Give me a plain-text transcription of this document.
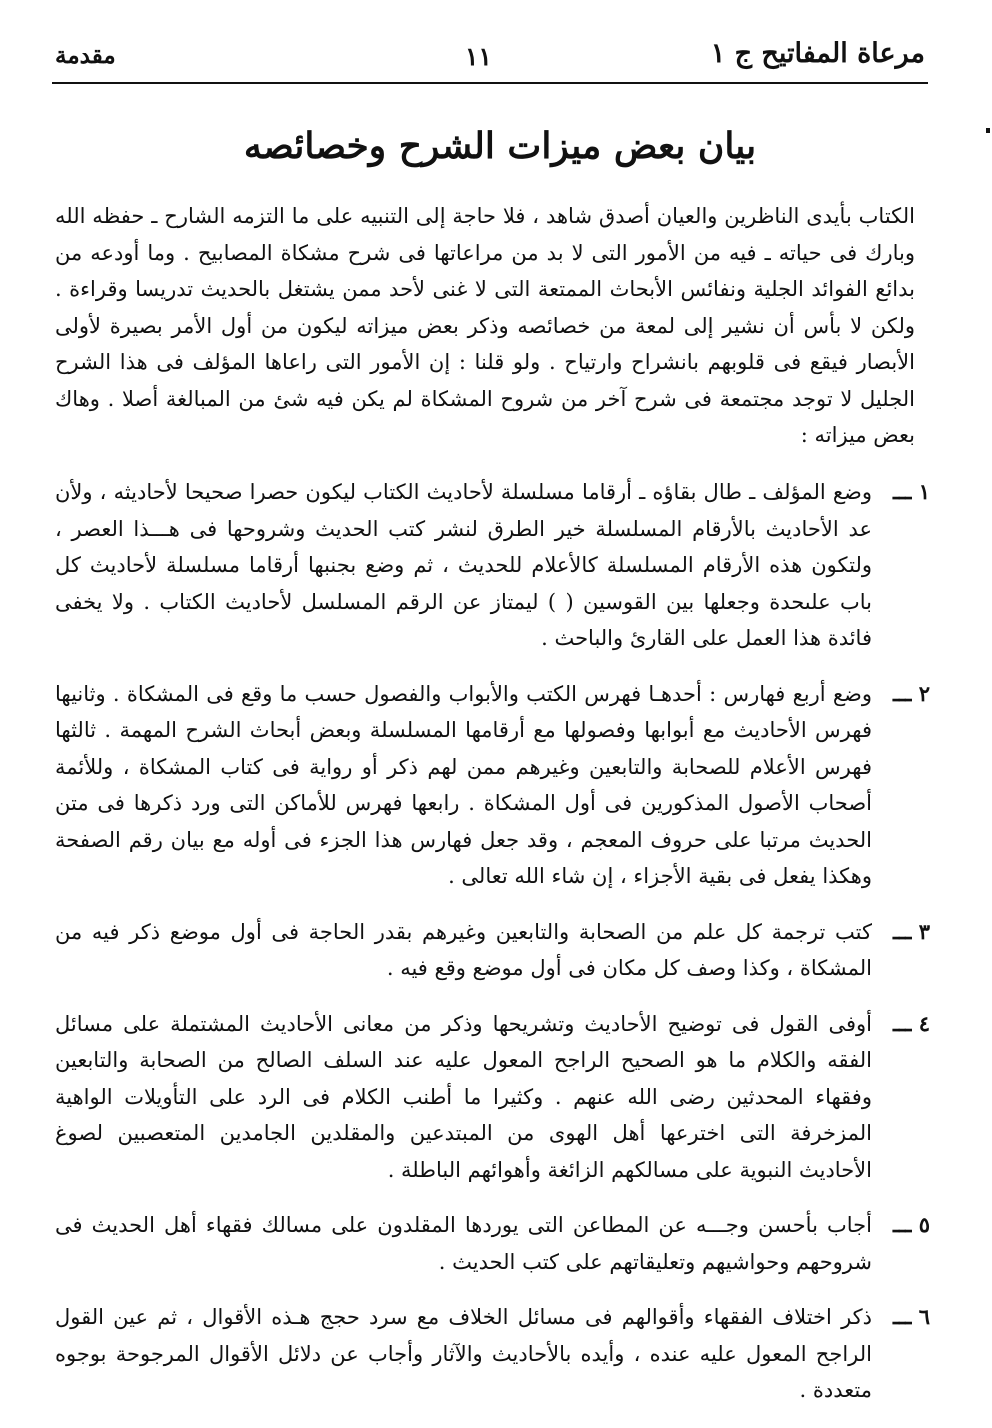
مرعاة المفاتيح ج ١
١١
مقدمة
بيان بعض ميزات الشرح وخصائصه
الكتاب بأيدى الناظرين والعيان أصدق شاهد ، فلا حاجة إلى التنبيه على ما التزمه الشارح ـ حفظه الله وبارك فى حياته ـ فيه من الأمور التى لا بد من مراعاتها فى شرح مشكاة المصابيح . وما أودعه من بدائع الفوائد الجلية ونفائس الأبحاث الممتعة التى لا غنى لأحد ممن يشتغل بالحديث تدريسا وقراءة . ولكن لا بأس أن نشير إلى لمعة من خصائصه وذكر بعض ميزاته ليكون من أول الأمر بصيرة لأولى الأبصار فيقع فى قلوبهم بانشراح وارتياح . ولو قلنا : إن الأمور التى راعاها المؤلف فى هذا الشرح الجليل لا توجد مجتمعة فى شرح آخر من شروح المشكاة لم يكن فيه شئ من المبالغة أصلا . وهاك بعض ميزاته :
١ ـــ
وضع المؤلف ـ طال بقاؤه ـ أرقاما مسلسلة لأحاديث الكتاب ليكون حصرا صحيحا لأحاديثه ، ولأن عد الأحاديث بالأرقام المسلسلة خير الطرق لنشر كتب الحديث وشروحها فى هـــذا العصر ، ولتكون هذه الأرقام المسلسلة كالأعلام للحديث ، ثم وضع بجنبها أرقاما مسلسلة لأحاديث كل باب علىحدة وجعلها بين القوسين ( ) ليمتاز عن الرقم المسلسل لأحاديث الكتاب . ولا يخفى فائدة هذا العمل على القارئ والباحث .
٢ ـــ
وضع أربع فهارس : أحدهـا فهرس الكتب والأبواب والفصول حسب ما وقع فى المشكاة . وثانيها فهرس الأحاديث مع أبوابها وفصولها مع أرقامها المسلسلة وبعض أبحاث الشرح المهمة . ثالثها فهرس الأعلام للصحابة والتابعين وغيرهم ممن لهم ذكر أو رواية فى كتاب المشكاة ، وللأئمة أصحاب الأصول المذكورين فى أول المشكاة . رابعها فهرس للأماكن التى ورد ذكرها فى متن الحديث مرتبا على حروف المعجم ، وقد جعل فهارس هذا الجزء فى أوله مع بيان رقم الصفحة وهكذا يفعل فى بقية الأجزاء ، إن شاء الله تعالى .
٣ ـــ
كتب ترجمة كل علم من الصحابة والتابعين وغيرهم بقدر الحاجة فى أول موضع ذكر فيه من المشكاة ، وكذا وصف كل مكان فى أول موضع وقع فيه .
٤ ـــ
أوفى القول فى توضيح الأحاديث وتشريحها وذكر من معانى الأحاديث المشتملة على مسائل الفقه والكلام ما هو الصحيح الراجح المعول عليه عند السلف الصالح من الصحابة والتابعين وفقهاء المحدثين رضى الله عنهم . وكثيرا ما أطنب الكلام فى الرد على التأويلات الواهية المزخرفة التى اخترعها أهل الهوى من المبتدعين والمقلدين الجامدين المتعصبين لصوغ الأحاديث النبوية على مسالكهم الزائغة وأهوائهم الباطلة .
٥ ـــ
أجاب بأحسن وجـــه عن المطاعن التى يوردها المقلدون على مسالك فقهاء أهل الحديث فى شروحهم وحواشيهم وتعليقاتهم على كتب الحديث .
٦ ـــ
ذكر اختلاف الفقهاء وأقوالهم فى مسائل الخلاف مع سرد حجج هـذه الأقوال ، ثم عين القول الراجح المعول عليه عنده ، وأيده بالأحاديث والآثار وأجاب عن دلائل الأقوال المرجوحة بوجوه متعددة .
